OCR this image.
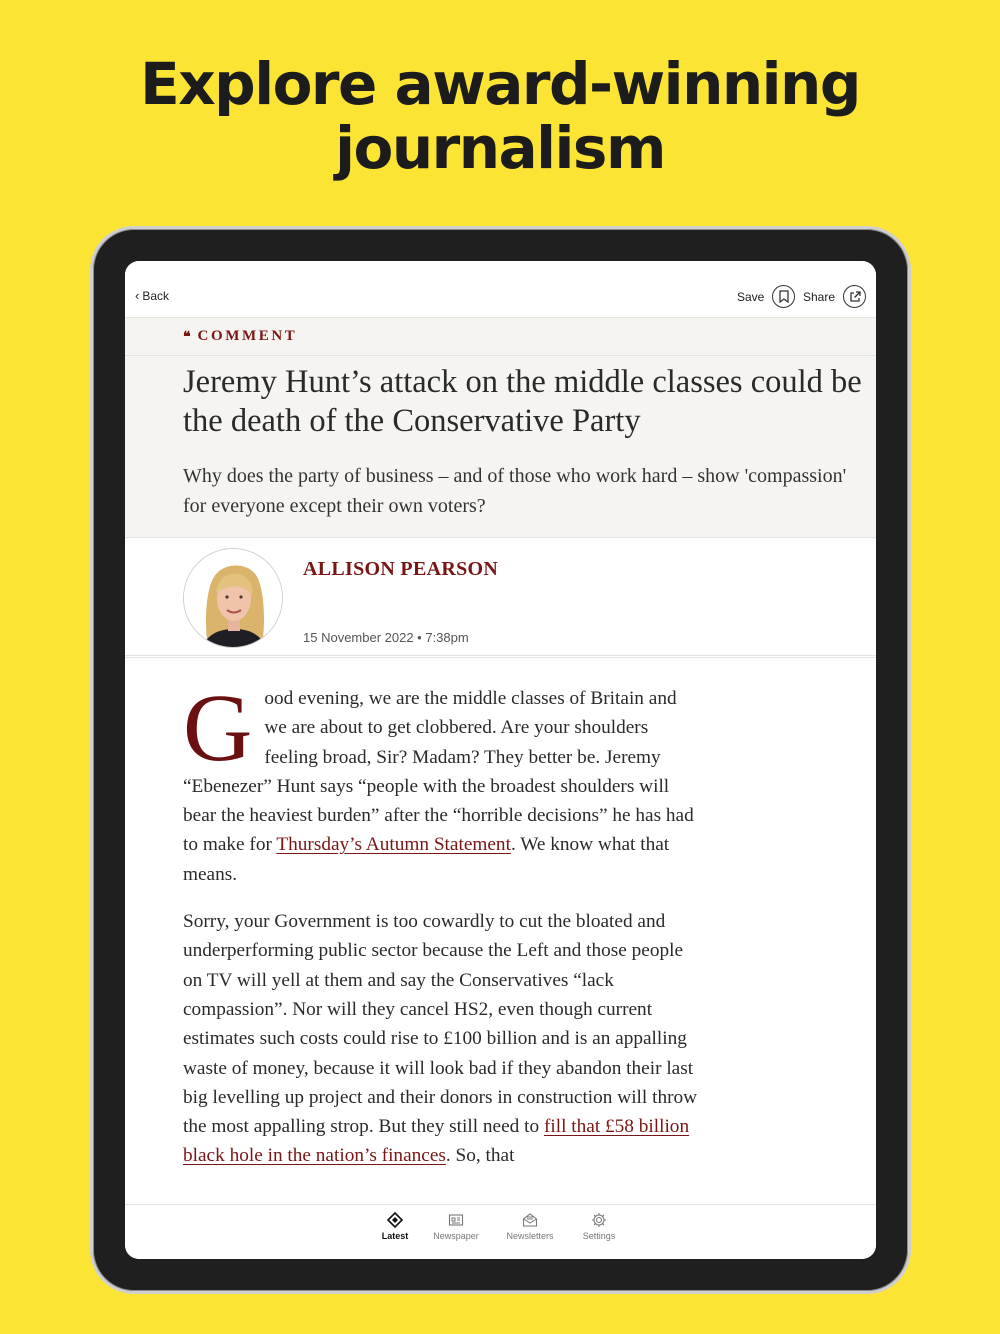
Explore award-winning
journalism
‹ Back	Save	Share
❝ COMMENT
Jeremy Hunt’s attack on the middle classes could be the death of the Conservative Party

Why does the party of business – and of those who work hard – show 'compassion' for everyone except their own voters?

ALLISON PEARSON
15 November 2022 • 7:38pm

Good evening, we are the middle classes of Britain and we are about to get clobbered. Are your shoulders feeling broad, Sir? Madam? They better be. Jeremy “Ebenezer” Hunt says “people with the broadest shoulders will bear the heaviest burden” after the “horrible decisions” he has had to make for Thursday’s Autumn Statement. We know what that means.

Sorry, your Government is too cowardly to cut the bloated and underperforming public sector because the Left and those people on TV will yell at them and say the Conservatives “lack compassion”. Nor will they cancel HS2, even though current estimates such costs could rise to £100 billion and is an appalling waste of money, because it will look bad if they abandon their last big levelling up project and their donors in construction will throw the most appalling strop. But they still need to fill that £58 billion black hole in the nation’s finances. So, that

Latest	Newspaper	Newsletters	Settings
